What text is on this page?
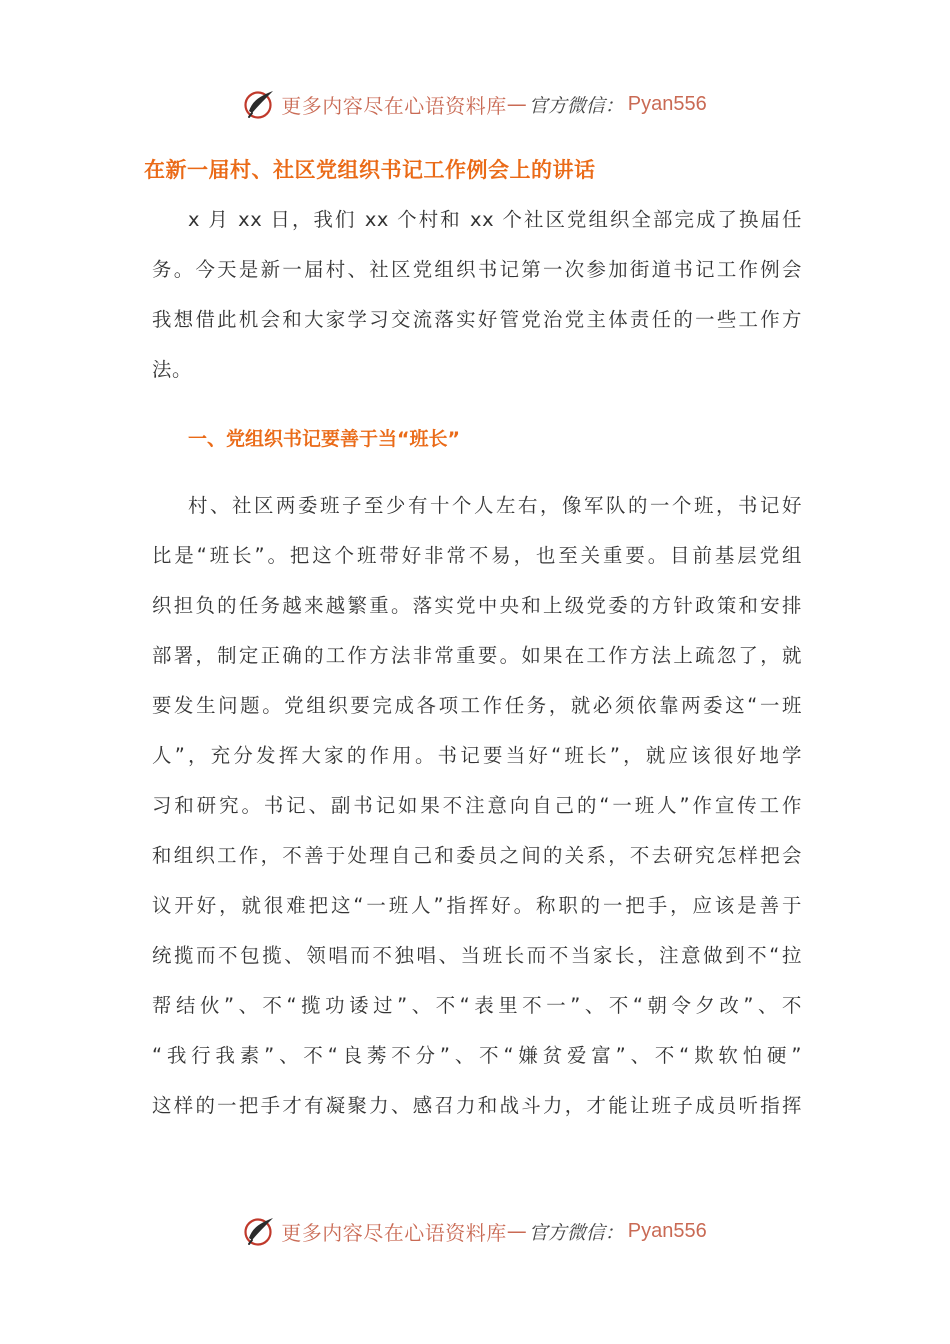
更多内容尽在心语资料库 — 官方微信： Pyan556
在新一届村、社区党组织书记工作例会上的讲话
x 月 xx 日，我们 xx 个村和 xx 个社区党组织全部完成了换届任
务。今天是新一届村、社区党组织书记第一次参加街道书记工作例会
我想借此机会和大家学习交流落实好管党治党主体责任的一些工作方
法。
一、党组织书记要善于当“班长”
村、社区两委班子至少有十个人左右，像军队的一个班，书记好
比是“班长”。把这个班带好非常不易，也至关重要。目前基层党组
织担负的任务越来越繁重。落实党中央和上级党委的方针政策和安排
部署，制定正确的工作方法非常重要。如果在工作方法上疏忽了，就
要发生问题。党组织要完成各项工作任务，就必须依靠两委这“一班
人”，充分发挥大家的作用。书记要当好“班长”，就应该很好地学
习和研究。书记、副书记如果不注意向自己的“一班人”作宣传工作
和组织工作，不善于处理自己和委员之间的关系，不去研究怎样把会
议开好，就很难把这“一班人”指挥好。称职的一把手，应该是善于
统揽而不包揽、领唱而不独唱、当班长而不当家长，注意做到不“拉
帮结伙”、不“揽功诿过”、不“表里不一”、不“朝令夕改”、不
“我行我素”、不“良莠不分”、不“嫌贫爱富”、不“欺软怕硬”
这样的一把手才有凝聚力、感召力和战斗力，才能让班子成员听指挥
更多内容尽在心语资料库 — 官方微信： Pyan556
